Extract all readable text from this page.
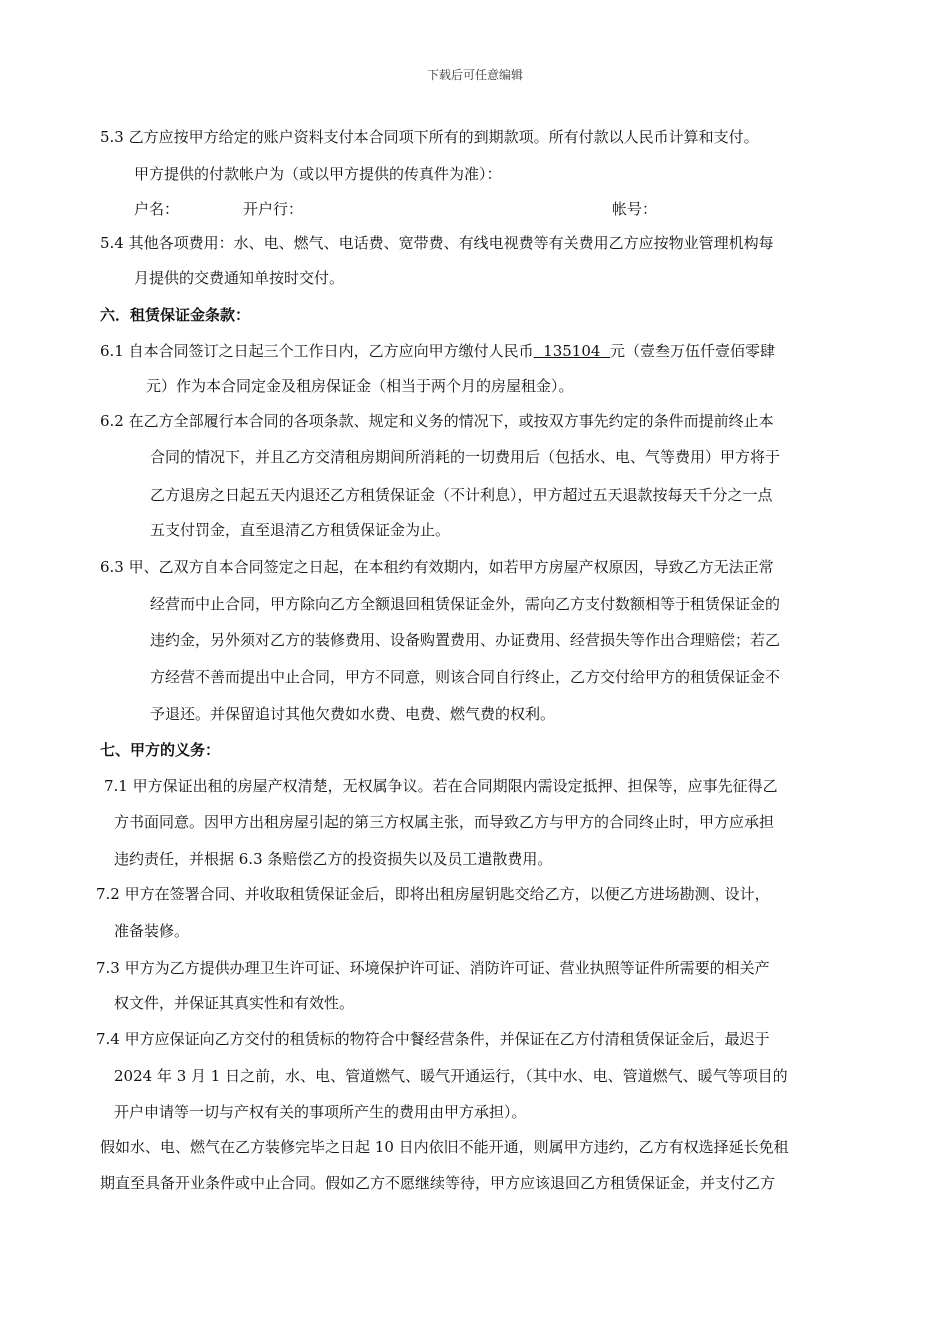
下载后可任意编辑
5.3 乙方应按甲方给定的账户资料支付本合同项下所有的到期款项。所有付款以人民币计算和支付。
甲方提供的付款帐户为（或以甲方提供的传真件为准）：
户名：	开户行：	帐号：
5.4 其他各项费用：水、电、燃气、电话费、宽带费、有线电视费等有关费用乙方应按物业管理机构每
月提供的交费通知单按时交付。
六．租赁保证金条款：
6.1 自本合同签订之日起三个工作日内，乙方应向甲方缴付人民币  135104  元（壹叁万伍仟壹佰零肆
元）作为本合同定金及租房保证金（相当于两个月的房屋租金）。
6.2 在乙方全部履行本合同的各项条款、规定和义务的情况下，或按双方事先约定的条件而提前终止本
合同的情况下，并且乙方交清租房期间所消耗的一切费用后（包括水、电、气等费用）甲方将于
乙方退房之日起五天内退还乙方租赁保证金（不计利息），甲方超过五天退款按每天千分之一点
五支付罚金，直至退清乙方租赁保证金为止。
6.3 甲、乙双方自本合同签定之日起，在本租约有效期内，如若甲方房屋产权原因，导致乙方无法正常
经营而中止合同，甲方除向乙方全额退回租赁保证金外，需向乙方支付数额相等于租赁保证金的
违约金，另外须对乙方的装修费用、设备购置费用、办证费用、经营损失等作出合理赔偿；若乙
方经营不善而提出中止合同，甲方不同意，则该合同自行终止，乙方交付给甲方的租赁保证金不
予退还。并保留追讨其他欠费如水费、电费、燃气费的权利。
七、甲方的义务：
7.1 甲方保证出租的房屋产权清楚，无权属争议。若在合同期限内需设定抵押、担保等，应事先征得乙
方书面同意。因甲方出租房屋引起的第三方权属主张，而导致乙方与甲方的合同终止时，甲方应承担
违约责任，并根据 6.3 条赔偿乙方的投资损失以及员工遣散费用。
7.2 甲方在签署合同、并收取租赁保证金后，即将出租房屋钥匙交给乙方，以便乙方进场勘测、设计，
准备装修。
7.3 甲方为乙方提供办理卫生许可证、环境保护许可证、消防许可证、营业执照等证件所需要的相关产
权文件，并保证其真实性和有效性。
7.4 甲方应保证向乙方交付的租赁标的物符合中餐经营条件，并保证在乙方付清租赁保证金后，最迟于
2024 年 3 月 1 日之前，水、电、管道燃气、暖气开通运行，（其中水、电、管道燃气、暖气等项目的
开户申请等一切与产权有关的事项所产生的费用由甲方承担）。
假如水、电、燃气在乙方装修完毕之日起 10 日内依旧不能开通，则属甲方违约，乙方有权选择延长免租
期直至具备开业条件或中止合同。假如乙方不愿继续等待，甲方应该退回乙方租赁保证金，并支付乙方
